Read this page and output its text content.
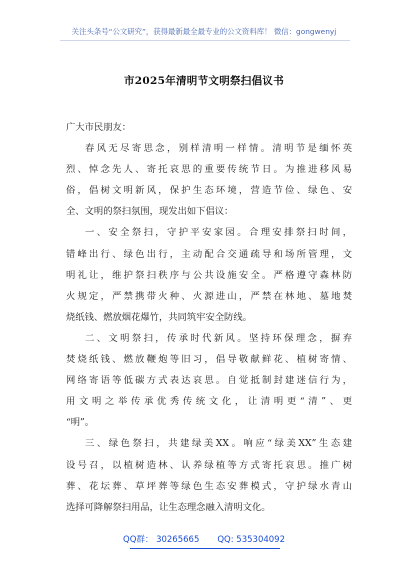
关注头条号“公文研究”，获得最新最全最专业的公文资料库！ 微信：gongwenyj
市2025年清明节文明祭扫倡议书
广大市民朋友：
春风无尽寄思念，别样清明一样情。清明节是缅怀英
烈、悼念先人、寄托哀思的重要传统节日。为推进移风易
俗，倡树文明新风，保护生态环境，营造节俭、绿色、安
全、文明的祭扫氛围，现发出如下倡议：
一、安全祭扫，守护平安家园。合理安排祭扫时间，
错峰出行、绿色出行，主动配合交通疏导和场所管理，文
明礼让，维护祭扫秩序与公共设施安全。严格遵守森林防
火规定，严禁携带火种、火源进山，严禁在林地、墓地焚
烧纸钱、燃放烟花爆竹，共同筑牢安全防线。
二、文明祭扫，传承时代新风。坚持环保理念，摒弃
焚烧纸钱、燃放鞭炮等旧习，倡导敬献鲜花、植树寄情、
网络寄语等低碳方式表达哀思。自觉抵制封建迷信行为，
用文明之举传承优秀传统文化，让清明更“清”、更
“明”。
三、绿色祭扫，共建绿美XX。响应“绿美XX”生态建
设号召，以植树造林、认养绿植等方式寄托哀思。推广树
葬、花坛葬、草坪葬等绿色生态安葬模式，守护绿水青山
选择可降解祭扫用品，让生态理念融入清明文化。
QQ群： 30265665 QQ: 535304092
